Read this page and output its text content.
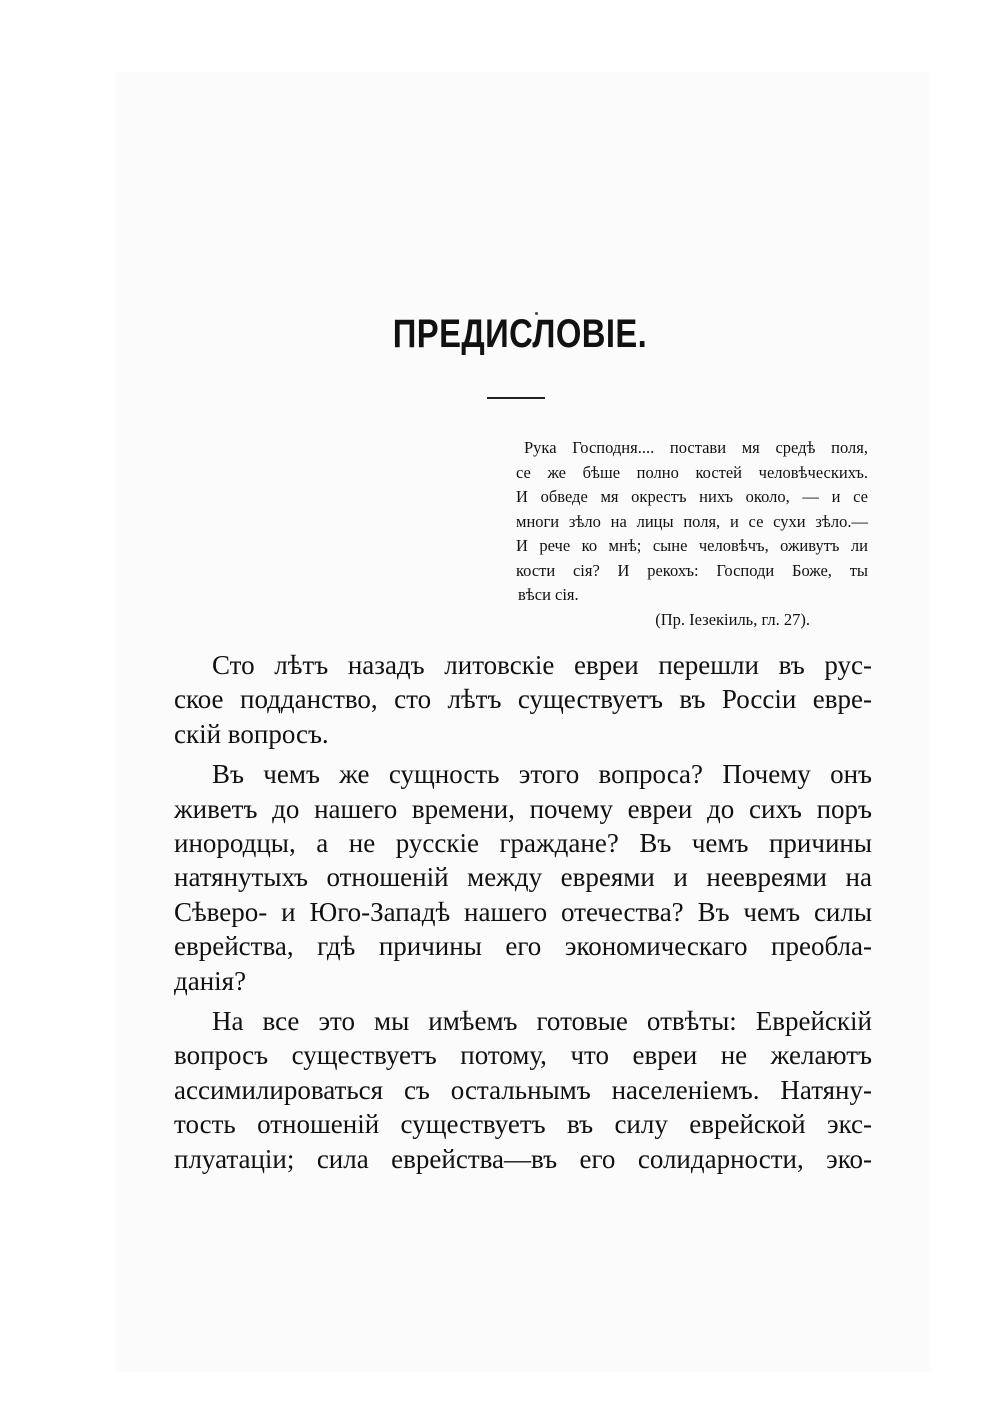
ПРЕДИСЛОВІЕ.
Рука Господня.... постави мя средѣ поля,
се же бѣше полно костей человѣческихъ.
И обведе мя окрестъ нихъ около, — и се
многи зѣло на лицы поля, и се сухи зѣло.—
И рече ко мнѣ; сыне человѣчъ, оживутъ ли
кости сія? И рекохъ: Господи Боже, ты
вѣси сія.
(Пр. Іезекіиль, гл. 27).
Сто лѣтъ назадъ литовскіе евреи перешли въ рус-
ское подданство, сто лѣтъ существуетъ въ Россіи евре-
скій вопросъ.
Въ чемъ же сущность этого вопроса? Почему онъ
живетъ до нашего времени, почему евреи до сихъ поръ
инородцы, а не русскіе граждане? Въ чемъ причины
натянутыхъ отношеній между евреями и неевреями на
Сѣверо- и Юго-Западѣ нашего отечества? Въ чемъ силы
еврейства, гдѣ причины его экономическаго преобла-
данія?
На все это мы имѣемъ готовые отвѣты: Еврейскій
вопросъ существуетъ потому, что евреи не желаютъ
ассимилироваться съ остальнымъ населеніемъ. Натяну-
тость отношеній существуетъ въ силу еврейской экс-
плуатаціи; сила еврейства—въ его солидарности, эко-
